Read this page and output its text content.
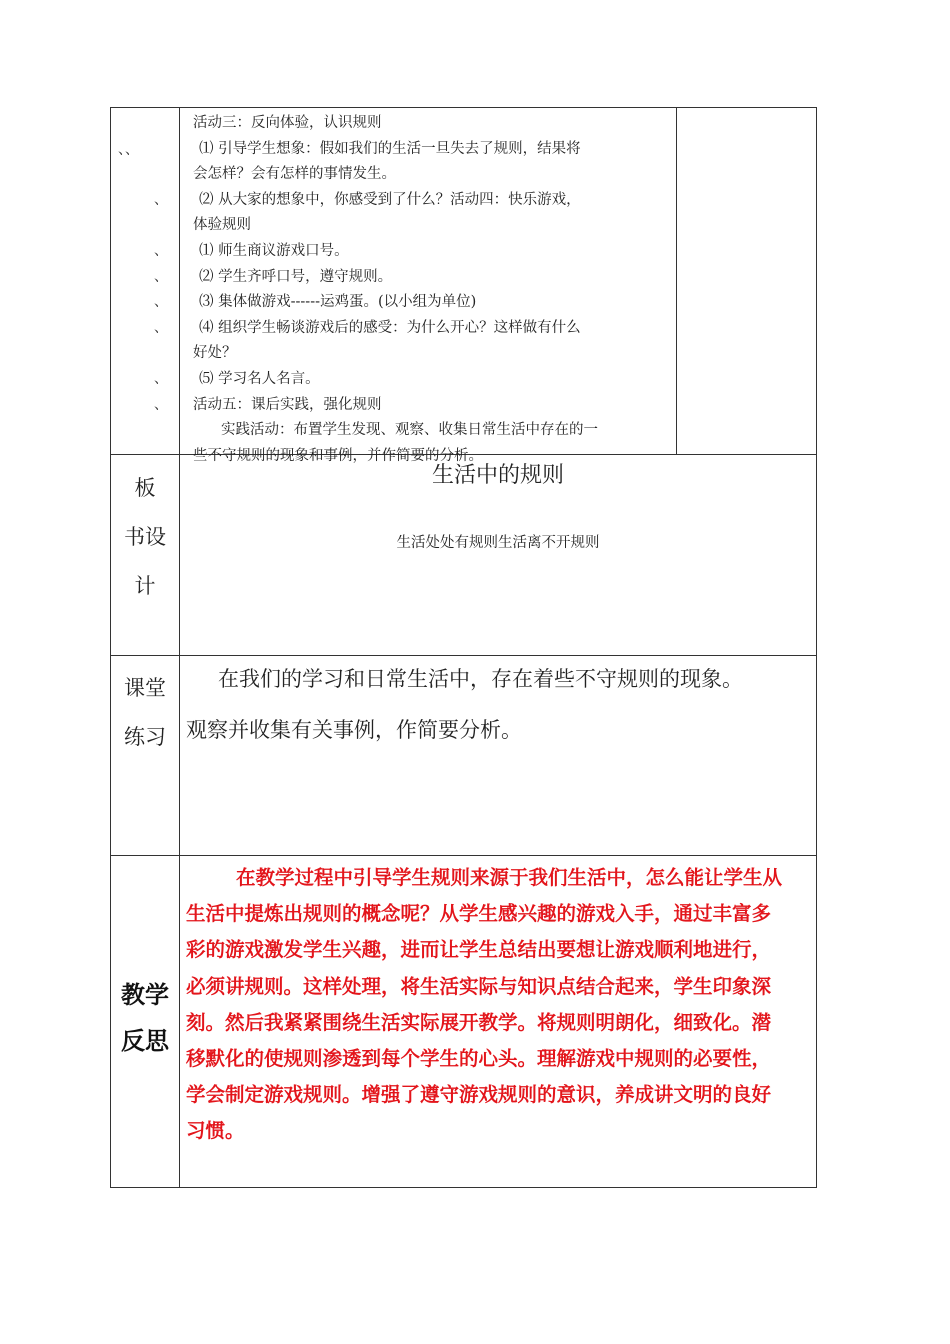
、、
、
、
、
、
、
、
、
活动三：反向体验，认识规则
⑴ 引导学生想象：假如我们的生活一旦失去了规则，结果将
会怎样？会有怎样的事情发生。
⑵ 从大家的想象中，你感受到了什么？活动四：快乐游戏，
体验规则
⑴ 师生商议游戏口号。
⑵ 学生齐呼口号，遵守规则。
⑶ 集体做游戏------运鸡蛋。(以小组为单位)
⑷ 组织学生畅谈游戏后的感受：为什么开心？这样做有什么
好处？
⑸ 学习名人名言。
活动五：课后实践，强化规则
实践活动：布置学生发现、观察、收集日常生活中存在的一
些不守规则的现象和事例，并作简要的分析。
板
书设
计
生活中的规则
生活处处有规则生活离不开规则
课堂
练习
在我们的学习和日常生活中，存在着些不守规则的现象。
观察并收集有关事例，作简要分析。
教学
反思
在教学过程中引导学生规则来源于我们生活中，怎么能让学生从
生活中提炼出规则的概念呢？从学生感兴趣的游戏入手，通过丰富多
彩的游戏激发学生兴趣，进而让学生总结出要想让游戏顺利地进行，
必须讲规则。这样处理，将生活实际与知识点结合起来，学生印象深
刻。然后我紧紧围绕生活实际展开教学。将规则明朗化，细致化。潜
移默化的使规则渗透到每个学生的心头。理解游戏中规则的必要性，
学会制定游戏规则。增强了遵守游戏规则的意识，养成讲文明的良好
习惯。
